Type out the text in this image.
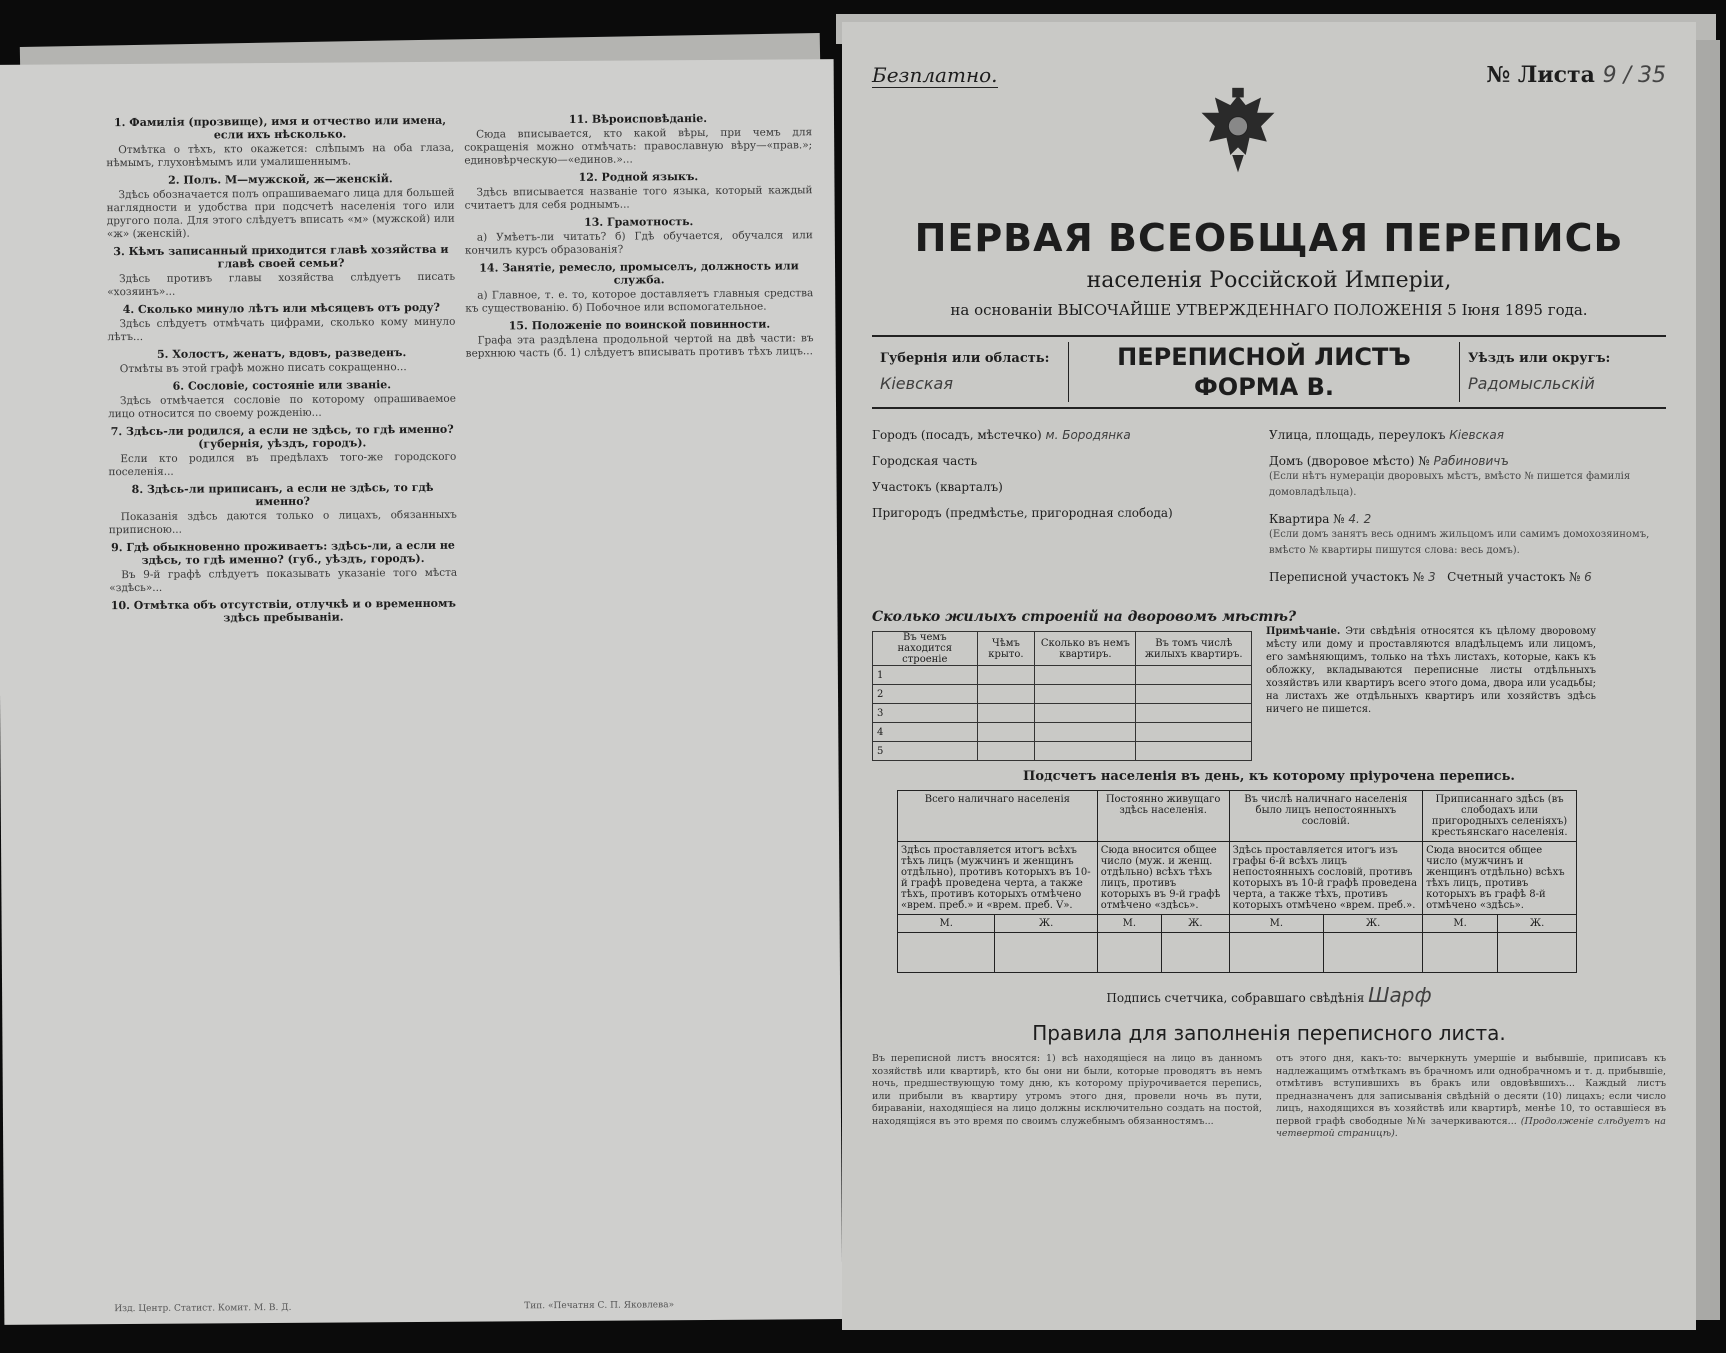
1. Фамилія (прозвище), имя и отчество или имена, если ихъ нѣсколько.
Отмѣтка о тѣхъ, кто окажется: слѣпымъ на оба глаза, нѣмымъ, глухонѣмымъ или умалишеннымъ.
2. Полъ. М—мужской, ж—женскій.
Здѣсь обозначается полъ опрашиваемаго лица для большей наглядности и удобства при подсчетѣ населенія того или другого пола. Для этого слѣдуетъ вписать «м» (мужской) или «ж» (женскій).
3. Кѣмъ записанный приходится главѣ хозяйства и главѣ своей семьи?
Здѣсь противъ главы хозяйства слѣдуетъ писать «хозяинъ»...
4. Сколько минуло лѣтъ или мѣсяцевъ отъ роду?
Здѣсь слѣдуетъ отмѣчать цифрами, сколько кому минуло лѣтъ...
5. Холостъ, женатъ, вдовъ, разведенъ.
Отмѣты въ этой графѣ можно писать сокращенно...
6. Сословіе, состояніе или званіе.
Здѣсь отмѣчается сословіе по которому опрашиваемое лицо относится по своему рожденію...
7. Здѣсь-ли родился, а если не здѣсь, то гдѣ именно? (губернія, уѣздъ, городъ).
Если кто родился въ предѣлахъ того-же городского поселенія...
8. Здѣсь-ли приписанъ, а если не здѣсь, то гдѣ именно?
Показанія здѣсь даются только о лицахъ, обязанныхъ приписною...
9. Гдѣ обыкновенно проживаетъ: здѣсь-ли, а если не здѣсь, то гдѣ именно? (губ., уѣздъ, городъ).
Въ 9-й графѣ слѣдуетъ показывать указаніе того мѣста «здѣсь»...
10. Отмѣтка объ отсутствіи, отлучкѣ и о временномъ здѣсь пребываніи.
11. Вѣроисповѣданіе.
Сюда вписывается, кто какой вѣры, при чемъ для сокращенія можно отмѣчать: православную вѣру—«прав.»; единовѣрческую—«единов.»...
12. Родной языкъ.
Здѣсь вписывается названіе того языка, который каждый считаетъ для себя роднымъ...
13. Грамотность.
а) Умѣетъ-ли читать? б) Гдѣ обучается, обучался или кончилъ курсъ образованія?
14. Занятіе, ремесло, промыселъ, должность или служба.
а) Главное, т. е. то, которое доставляетъ главныя средства къ существованію. б) Побочное или вспомогательное.
15. Положеніе по воинской повинности.
Графа эта раздѣлена продольной чертой на двѣ части: въ верхнюю часть (б. 1) слѣдуетъ вписывать противъ тѣхъ лицъ...
Изд. Центр. Статист. Комит. М. В. Д.	Тип. «Печатня С. П. Яковлева»
Безплатно.	№ Листа 9 / 35
ПЕРВАЯ ВСЕОБЩАЯ ПЕРЕПИСЬ
населенія Россійской Имперіи,
на основаніи ВЫСОЧАЙШЕ УТВЕРЖДЕННАГО ПОЛОЖЕНІЯ 5 Іюня 1895 года.
Губернія или область:
Кіевская
ПЕРЕПИСНОЙ ЛИСТЪ
ФОРМА В.
Уѣздъ или округъ:
Радомысльскій
Городъ (посадъ, мѣстечко) м. Бородянка
Городская часть
Участокъ (кварталъ)
Пригородъ (предмѣстье, пригородная слобода)
Улица, площадь, переулокъ Кіевская
Домъ (дворовое мѣсто) № Рабиновичъ
(Если нѣтъ нумераціи дворовыхъ мѣстъ, вмѣсто № пишется фамилія домовладѣльца).
Квартира № 4. 2
(Если домъ занятъ весь однимъ жильцомъ или самимъ домохозяиномъ, вмѣсто № квартиры пишутся слова: весь домъ).
Переписной участокъ № 3 Счетный участокъ № 6
Сколько жилыхъ строеній на дворовомъ мѣстѣ?
Въ чемъ находится строеніе	Чѣмъ крыто.	Сколько въ немъ квартиръ.	Въ томъ числѣ жилыхъ квартиръ.
1			
2			
3			
4			
5			
Примѣчаніе. Эти свѣдѣнія относятся къ цѣлому дворовому мѣсту или дому и проставляются владѣльцемъ или лицомъ, его замѣняющимъ, только на тѣхъ листахъ, которые, какъ къ обложку, вкладываются переписные листы отдѣльныхъ хозяйствъ или квартиръ всего этого дома, двора или усадьбы; на листахъ же отдѣльныхъ квартиръ или хозяйствъ здѣсь ничего не пишется.
Подсчетъ населенія въ день, къ которому пріурочена перепись.
Всего наличнаго населенія		Постоянно живущаго здѣсь населенія.		Въ числѣ наличнаго населенія было лицъ непостоянныхъ сословій.		Приписаннаго здѣсь (въ слободахъ или пригородныхъ селеніяхъ) крестьянскаго населенія.	
Здѣсь проставляется итогъ всѣхъ тѣхъ лицъ (мужчинъ и женщинъ отдѣльно), противъ которыхъ въ 10-й графѣ проведена черта, а также тѣхъ, противъ которыхъ отмѣчено «врем. преб.» и «врем. преб. V».		Сюда вносится общее число (муж. и женщ. отдѣльно) всѣхъ тѣхъ лицъ, противъ которыхъ въ 9-й графѣ отмѣчено «здѣсь».		Здѣсь проставляется итогъ изъ графы 6-й всѣхъ лицъ непостоянныхъ сословій, противъ которыхъ въ 10-й графѣ проведена черта, а также тѣхъ, противъ которыхъ отмѣчено «врем. преб.».		Сюда вносится общее число (мужчинъ и женщинъ отдѣльно) всѣхъ тѣхъ лицъ, противъ которыхъ въ графѣ 8-й отмѣчено «здѣсь».	
М.	Ж.	М.	Ж.	М.	Ж.	М.	Ж.

Подпись счетчика, собравшаго свѣдѣнія Шарф
Правила для заполненія переписного листа.
Въ переписной листъ вносятся: 1) всѣ находящіеся на лицо въ данномъ хозяйствѣ или квартирѣ, кто бы они ни были, которые проводятъ въ немъ ночь, предшествующую тому дню, къ которому пріурочивается перепись, или прибыли въ квартиру утромъ этого дня, провели ночь въ пути, бираваніи, находящіеся на лицо должны исключительно создать на постой, находящіяся въ это время по своимъ служебнымъ обязанностямъ...
отъ этого дня, какъ-то: вычеркнуть умершіе и выбывшіе, приписавъ къ надлежащимъ отмѣткамъ въ брачномъ или однобрачномъ и т. д. прибывшіе, отмѣтивъ вступившихъ въ бракъ или овдовѣвшихъ... Каждый листъ предназначенъ для записыванія свѣдѣній о десяти (10) лицахъ; если число лицъ, находящихся въ хозяйствѣ или квартирѣ, менѣе 10, то оставшіеся въ первой графѣ свободные №№ зачеркиваются... (Продолженіе слѣдуетъ на четвертой страницѣ).
